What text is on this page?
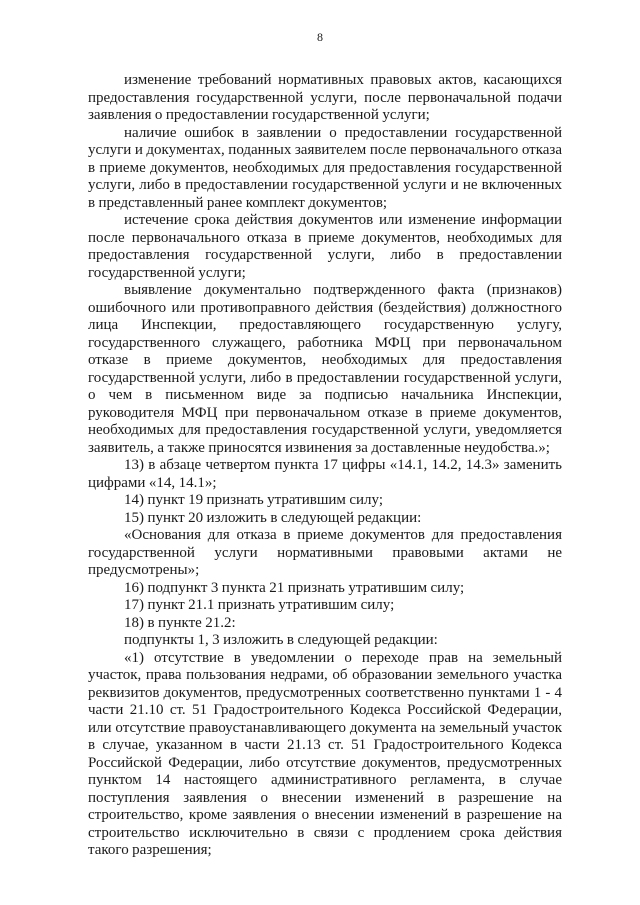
8

изменение требований нормативных правовых актов, касающихся предоставления государственной услуги, после первоначальной подачи заявления о предоставлении государственной услуги;

наличие ошибок в заявлении о предоставлении государственной услуги и документах, поданных заявителем после первоначального отказа в приеме документов, необходимых для предоставления государственной услуги, либо в предоставлении государственной услуги и не включенных в представленный ранее комплект документов;

истечение срока действия документов или изменение информации после первоначального отказа в приеме документов, необходимых для предоставления государственной услуги, либо в предоставлении государственной услуги;

выявление документально подтвержденного факта (признаков) ошибочного или противоправного действия (бездействия) должностного лица Инспекции, предоставляющего государственную услугу, государственного служащего, работника МФЦ при первоначальном отказе в приеме документов, необходимых для предоставления государственной услуги, либо в предоставлении государственной услуги, о чем в письменном виде за подписью начальника Инспекции, руководителя МФЦ при первоначальном отказе в приеме документов, необходимых для предоставления государственной услуги, уведомляется заявитель, а также приносятся извинения за доставленные неудобства.»;

13) в абзаце четвертом пункта 17 цифры «14.1, 14.2, 14.3» заменить цифрами «14, 14.1»;

14) пункт 19 признать утратившим силу;

15) пункт 20 изложить в следующей редакции:

«Основания для отказа в приеме документов для предоставления государственной услуги нормативными правовыми актами не предусмотрены»;

16) подпункт 3 пункта 21 признать утратившим силу;

17) пункт 21.1 признать утратившим силу;

18) в пункте 21.2:

подпункты 1, 3 изложить в следующей редакции:

«1) отсутствие в уведомлении о переходе прав на земельный участок, права пользования недрами, об образовании земельного участка реквизитов документов, предусмотренных соответственно пунктами 1 - 4 части 21.10 ст. 51 Градостроительного Кодекса Российской Федерации, или отсутствие правоустанавливающего документа на земельный участок в случае, указанном в части 21.13 ст. 51 Градостроительного Кодекса Российской Федерации, либо отсутствие документов, предусмотренных пунктом 14 настоящего административного регламента, в случае поступления заявления о внесении изменений в разрешение на строительство, кроме заявления о внесении изменений в разрешение на строительство исключительно в связи с продлением срока действия такого разрешения;
